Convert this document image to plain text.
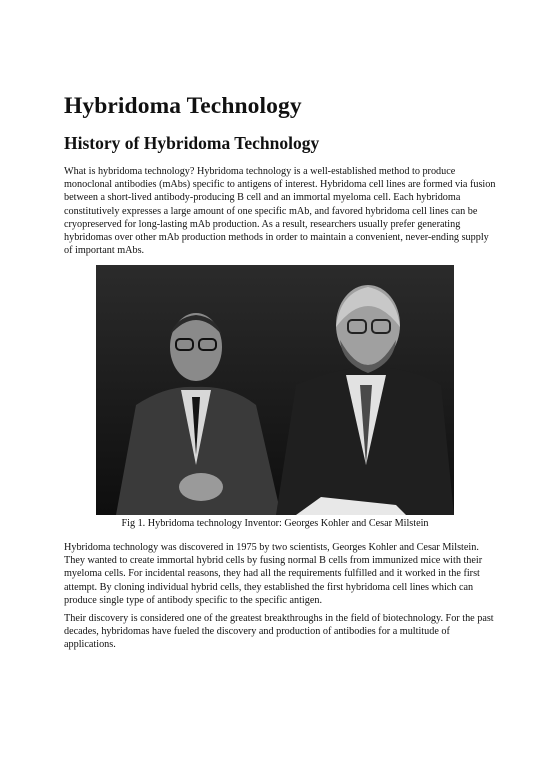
Hybridoma Technology
History of Hybridoma Technology

What is hybridoma technology? Hybridoma technology is a well-established method to produce monoclonal antibodies (mAbs) specific to antigens of interest. Hybridoma cell lines are formed via fusion between a short-lived antibody-producing B cell and an immortal myeloma cell. Each hybridoma constitutively expresses a large amount of one specific mAb, and favored hybridoma cell lines can be cryopreserved for long-lasting mAb production. As a result, researchers usually prefer generating hybridomas over other mAb production methods in order to maintain a convenient, never-ending supply of important mAbs.

Fig 1. Hybridoma technology Inventor: Georges Kohler and Cesar Milstein

Hybridoma technology was discovered in 1975 by two scientists, Georges Kohler and Cesar Milstein. They wanted to create immortal hybrid cells by fusing normal B cells from immunized mice with their myeloma cells. For incidental reasons, they had all the requirements fulfilled and it worked in the first attempt. By cloning individual hybrid cells, they established the first hybridoma cell lines which can produce single type of antibody specific to the specific antigen.

Their discovery is considered one of the greatest breakthroughs in the field of biotechnology. For the past decades, hybridomas have fueled the discovery and production of antibodies for a multitude of applications.
